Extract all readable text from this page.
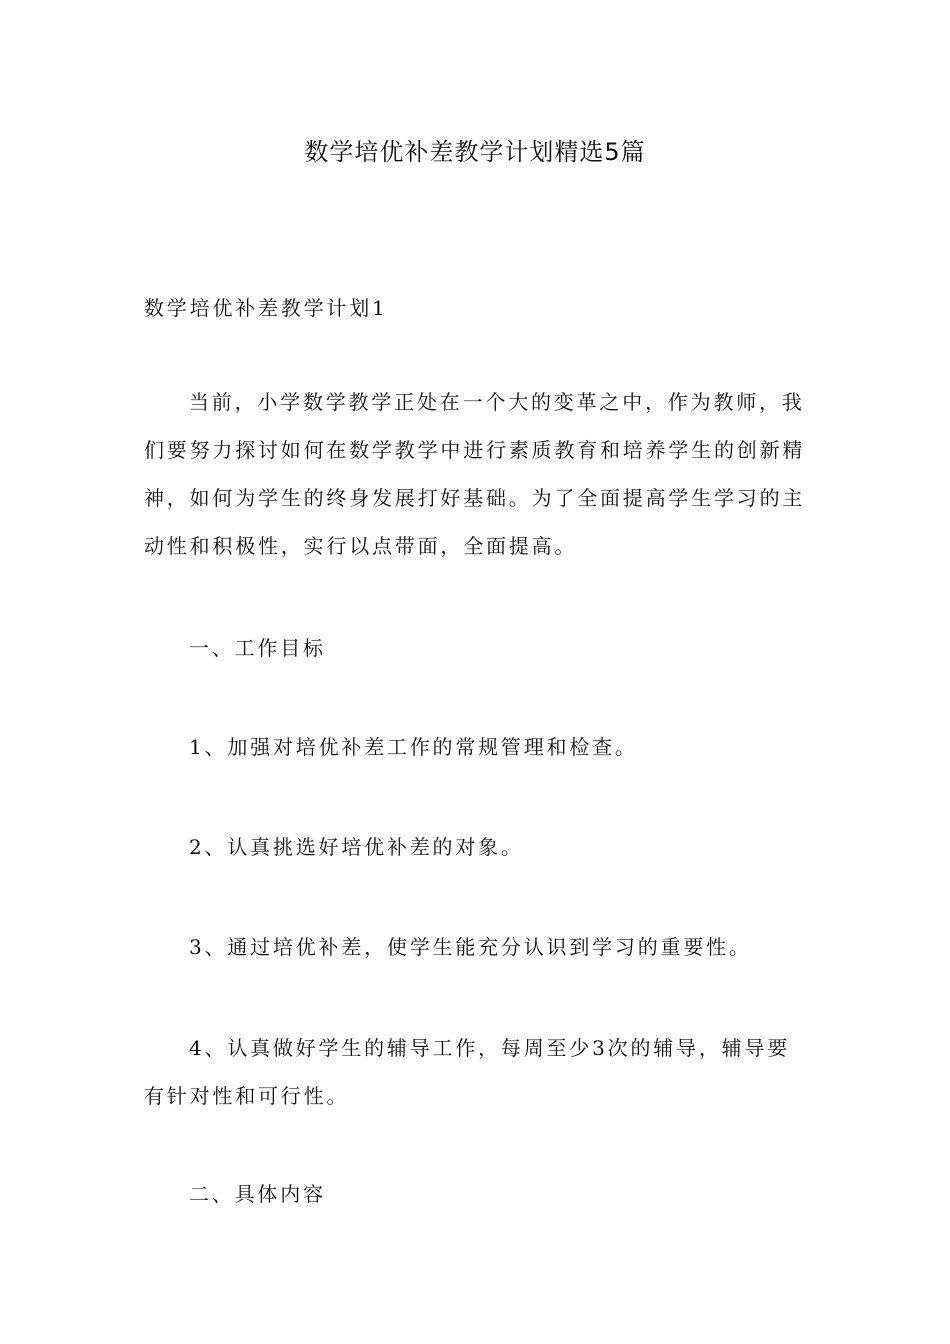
数学培优补差教学计划精选5篇

数学培优补差教学计划1

当前，小学数学教学正处在一个大的变革之中，作为教师，我们要努力探讨如何在数学教学中进行素质教育和培养学生的创新精神，如何为学生的终身发展打好基础。为了全面提高学生学习的主动性和积极性，实行以点带面，全面提高。

一、工作目标

1、加强对培优补差工作的常规管理和检查。

2、认真挑选好培优补差的对象。

3、通过培优补差，使学生能充分认识到学习的重要性。

4、认真做好学生的辅导工作，每周至少3次的辅导，辅导要有针对性和可行性。

二、具体内容
